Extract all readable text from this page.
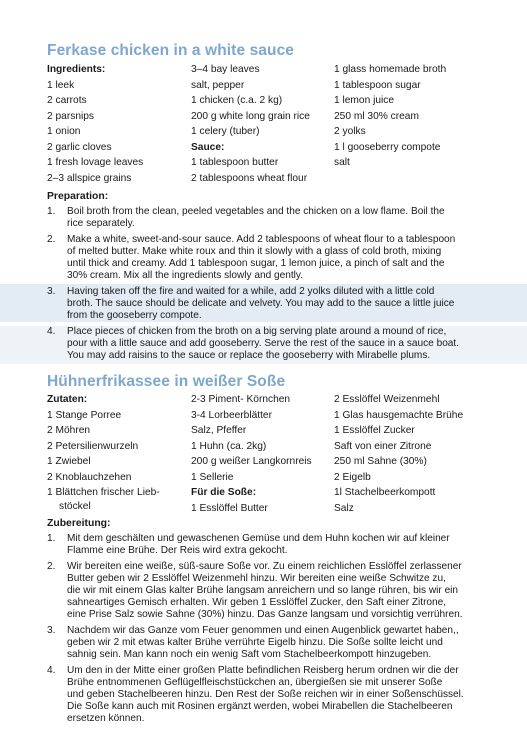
Ferkase chicken in a white sauce
Ingredients:
1 leek
2 carrots
2 parsnips
1 onion
2 garlic cloves
1 fresh lovage leaves
2–3 allspice grains
3–4 bay leaves
salt, pepper
1 chicken (c.a. 2 kg)
200 g white long grain rice
1 celery (tuber)
Sauce:
1 tablespoon butter
2 tablespoons wheat flour
1 glass homemade broth
1 tablespoon sugar
1 lemon juice
250 ml 30% cream
2 yolks
1 l gooseberry compote
salt
Preparation:
1. Boil broth from the clean, peeled vegetables and the chicken on a low flame. Boil the
rice separately.
2. Make a white, sweet-and-sour sauce. Add 2 tablespoons of wheat flour to a tablespoon
of melted butter. Make white roux and thin it slowly with a glass of cold broth, mixing
until thick and creamy. Add 1 tablespoon sugar, 1 lemon juice, a pinch of salt and the
30% cream. Mix all the ingredients slowly and gently.
3. Having taken off the fire and waited for a while, add 2 yolks diluted with a little cold
broth. The sauce should be delicate and velvety. You may add to the sauce a little juice
from the gooseberry compote.
4. Place pieces of chicken from the broth on a big serving plate around a mound of rice,
pour with a little sauce and add gooseberry. Serve the rest of the sauce in a sauce boat.
You may add raisins to the sauce or replace the gooseberry with Mirabelle plums.
Hühnerfrikassee in weißer Soße
Zutaten:
1 Stange Porree
2 Möhren
2 Petersilienwurzeln
1 Zwiebel
2 Knoblauchzehen
1 Blättchen frischer Lieb-
stöckel
2-3 Piment- Körnchen
3-4 Lorbeerblätter
Salz, Pfeffer
1 Huhn (ca. 2kg)
200 g weißer Langkornreis
1 Sellerie
Für die Soße:
1 Esslöffel Butter
2 Esslöffel Weizenmehl
1 Glas hausgemachte Brühe
1 Esslöffel Zucker
Saft von einer Zitrone
250 ml Sahne (30%)
2 Eigelb
1l Stachelbeerkompott
Salz
Zubereitung:
1. Mit dem geschälten und gewaschenen Gemüse und dem Huhn kochen wir auf kleiner
Flamme eine Brühe. Der Reis wird extra gekocht.
2. Wir bereiten eine weiße, süß-saure Soße vor. Zu einem reichlichen Esslöffel zerlassener
Butter geben wir 2 Esslöffel Weizenmehl hinzu. Wir bereiten eine weiße Schwitze zu,
die wir mit einem Glas kalter Brühe langsam anreichern und so lange rühren, bis wir ein
sahneartiges Gemisch erhalten. Wir geben 1 Esslöffel Zucker, den Saft einer Zitrone,
eine Prise Salz sowie Sahne (30%) hinzu. Das Ganze langsam und vorsichtig verrühren.
3. Nachdem wir das Ganze vom Feuer genommen und einen Augenblick gewartet haben,,
geben wir 2 mit etwas kalter Brühe verrührte Eigelb hinzu. Die Soße sollte leicht und
sahnig sein. Man kann noch ein wenig Saft vom Stachelbeerkompott hinzugeben.
4. Um den in der Mitte einer großen Platte befindlichen Reisberg herum ordnen wir die der
Brühe entnommenen Geflügelfleischstückchen an, übergießen sie mit unserer Soße
und geben Stachelbeeren hinzu. Den Rest der Soße reichen wir in einer Soßenschüssel.
Die Soße kann auch mit Rosinen ergänzt werden, wobei Mirabellen die Stachelbeeren
ersetzen können.
